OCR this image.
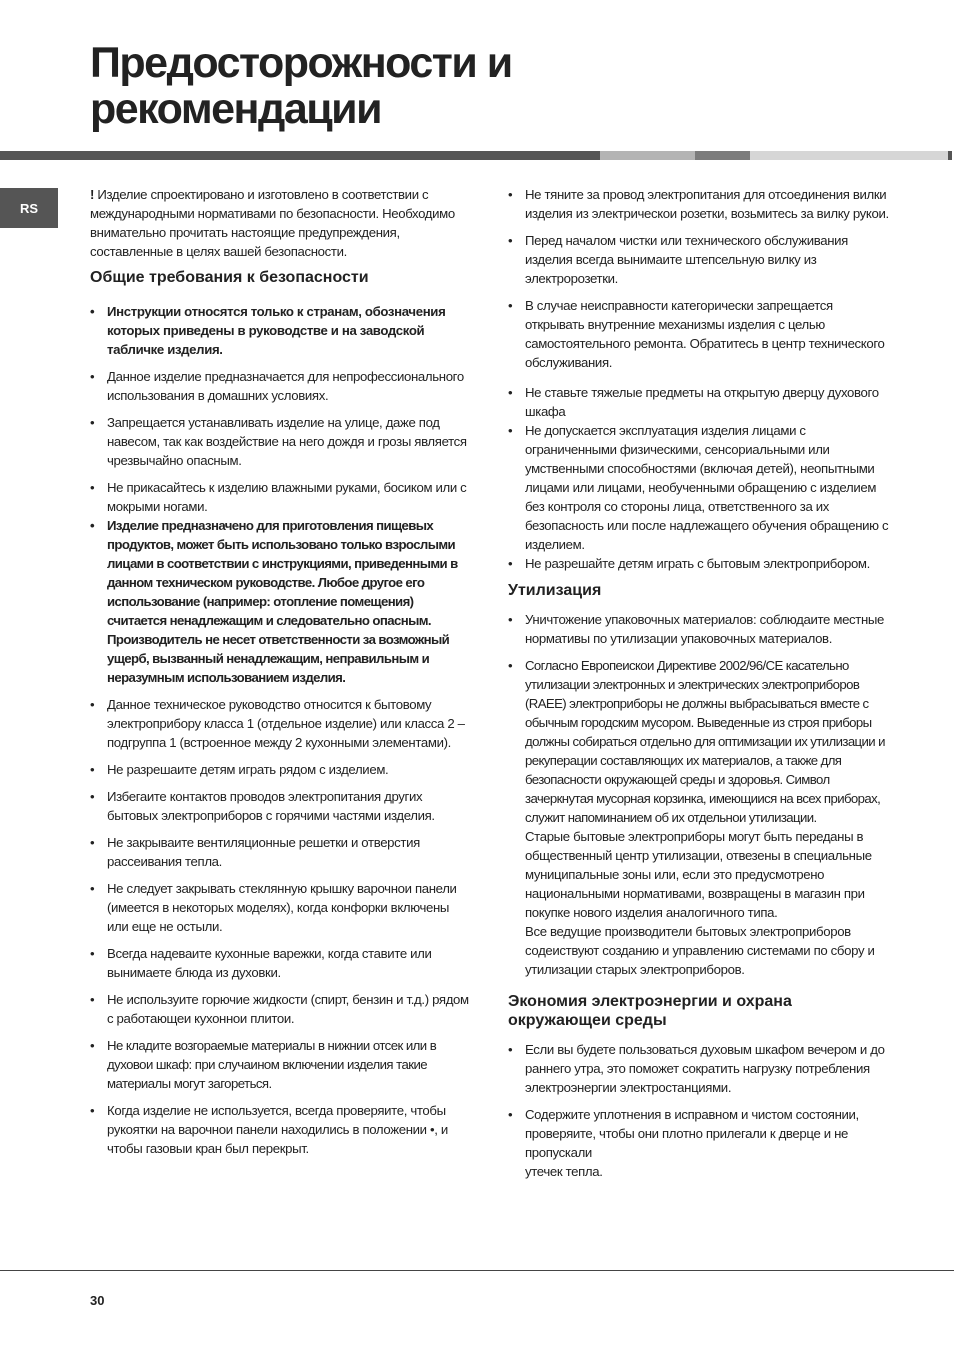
Предосторожности и
рекомендации
RS

! Изделие спроектировано и изготовлено в соответствии с международными нормативами по безопасности. Необходимо внимательно прочитать настоящие предупреждения, составленные в целях вашей безопасности.

Общие требования к безопасности
• Инструкции относятся только к странам, обозначения которых приведены в руководстве и на заводской табличке изделия.
• Данное изделие предназначается для непрофессионального использования в домашних условиях.
• Запрещается устанавливать изделие на улице, даже под навесом, так как воздействие на него дождя и грозы является чрезвычайно опасным.
• Не прикасайтесь к изделию влажными руками, босиком или с мокрыми ногами.
• Изделие предназначено для приготовления пищевых продуктов, может быть использовано только взрослыми лицами в соответствии с инструкциями, приведенными в данном техническом руководстве. Любое другое его использование (например: отопление помещения) считается ненадлежащим и следовательно опасным. Производитель не несет ответственности за возможный ущерб, вызванный ненадлежащим, неправильным и неразумным использованием изделия.
• Данное техническое руководство относится к бытовому электроприбору класса 1 (отдельное изделие) или класса 2 – подгруппа 1 (встроенное между 2 кухонными элементами).
• Не разрешаите детям играть рядом с изделием.
• Избегаите контактов проводов электропитания других бытовых электроприборов с горячими частями изделия.
• Не закрываите вентиляционные решетки и отверстия рассеивания тепла.
• Не следует закрывать стеклянную крышку варочнои панели (имеется в некоторых моделях), когда конфорки включены или еще не остыли.
• Всегда надеваите кухонные варежки, когда ставите или вынимаете блюда из духовки.
• Не используите горючие жидкости (спирт, бензин и т.д.) рядом с работающеи кухоннои плитои.
• Не кладите возгораемые материалы в нижнии отсек или в духовои шкаф: при случаином включении изделия такие материалы могут загореться.
• Когда изделие не используется, всегда проверяите, чтобы рукоятки на варочнои панели находились в положении •, и чтобы газовыи кран был перекрыт.
• Не тяните за провод электропитания для отсоединения вилки изделия из электрическои розетки, возьмитесь за вилку рукои.
• Перед началом чистки или технического обслуживания изделия всегда вынимаите штепсельную вилку из электророзетки.
• В случае неисправности категорически запрещается открывать внутренние механизмы изделия с целью самостоятельного ремонта. Обратитесь в центр технического обслуживания.
• Не ставьте тяжелые предметы на открытую дверцу духового шкафа
• Не допускается эксплуатация изделия лицами с ограниченными физическими, сенсориальными или умственными способностями (включая детей), неопытными лицами или лицами, необученными обращению с изделием без контроля со стороны лица, ответственного за их безопасность или после надлежащего обучения обращению с изделием.
• Не разрешайте детям играть с бытовым электроприбором.
Утилизация
• Уничтожение упаковочных материалов: соблюдаите местные нормативы по утилизации упаковочных материалов.
• Согласно Европеискои Директиве 2002/96/CE касательно утилизации электронных и электрических электроприборов (RAEE) электроприборы не должны выбрасываться вместе с обычным городским мусором. Выведенные из строя приборы должны собираться отдельно для оптимизации их утилизации и рекуперации составляющих их материалов, а также для безопасности окружающей среды и здоровья. Символ зачеркнутая мусорная корзинка, имеющиися на всех приборах, служит напоминанием об их отдельнои утилизации.
Старые бытовые электроприборы могут быть переданы в общественный центр утилизации, отвезены в специальные муниципальные зоны или, если это предусмотрено национальными нормативами, возвращены в магазин при покупке нового изделия аналогичного типа.
Все ведущие производители бытовых электроприборов содеиствуют созданию и управлению системами по сбору и утилизации старых электроприборов.
Экономия электроэнергии и охрана окружающеи среды
• Если вы будете пользоваться духовым шкафом вечером и до раннего утра, это поможет сократить нагрузку потребления электроэнергии электростанциями.
• Содержите уплотнения в исправном и чистом состоянии, проверяите, чтобы они плотно прилегали к дверце и не пропускали
утечек тепла.
30
